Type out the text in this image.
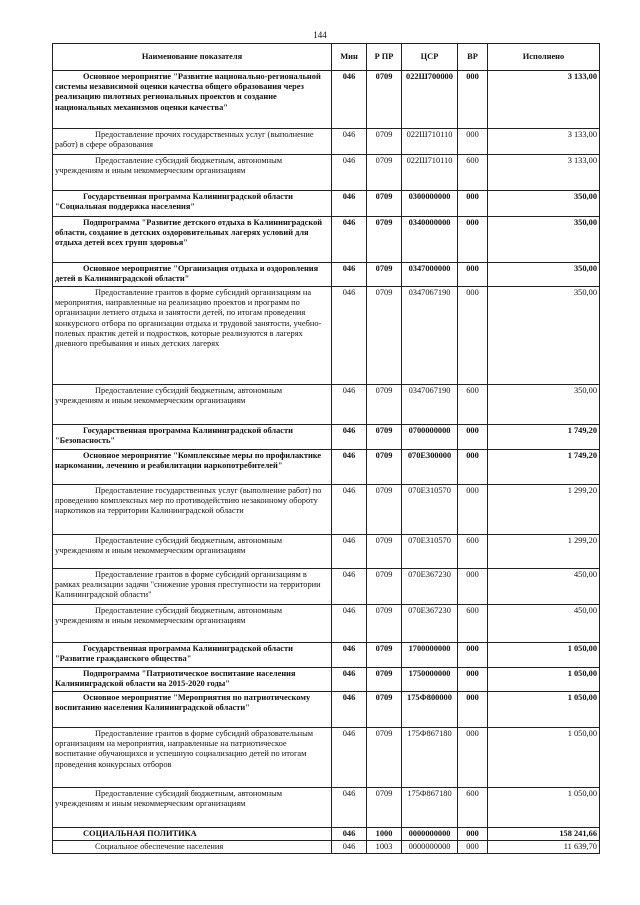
144
Наименование показателя	Мин	Р ПР	ЦСР	ВР	Исполнено
Основное мероприятие "Развитие национально-региональной системы независимой оценки качества общего образования через реализацию пилотных региональных проектов и создание национальных механизмов оценки качества"	046	0709	022Ш700000	000	3 133,00
Предоставление прочих государственных услуг (выполнение работ) в сфере образования	046	0709	022Ш710110	000	3 133,00
Предоставление субсидий бюджетным, автономным учреждениям и иным некоммерческим организациям	046	0709	022Ш710110	600	3 133,00
Государственная программа Калининградской области "Социальная поддержка населения"	046	0709	0300000000	000	350,00
Подпрограмма "Развитие детского отдыха в Калининградской области, создание в детских оздоровительных лагерях условий для отдыха детей всех групп здоровья"	046	0709	0340000000	000	350,00
Основное мероприятие "Организация отдыха и оздоровления детей в Калининградской области"	046	0709	0347000000	000	350,00
Предоставление грантов в форме субсидий организациям на мероприятия, направленные на реализацию проектов и программ по организации летнего отдыха и занятости детей, по итогам проведения конкурсного отбора по организации отдыха и трудовой занятости, учебно-полевых практик детей и подростков, которые реализуются в лагерях дневного пребывания и иных детских лагерях	046	0709	0347067190	000	350,00
Предоставление субсидий бюджетным, автономным учреждениям и иным некоммерческим организациям	046	0709	0347067190	600	350,00
Государственная программа Калининградской области "Безопасность"	046	0709	0700000000	000	1 749,20
Основное мероприятие "Комплексные меры по профилактике наркомании, лечению и реабилитации наркопотребителей"	046	0709	070Е300000	000	1 749,20
Предоставление государственных услуг (выполнение работ) по проведению комплексных мер по противодействию незаконному обороту наркотиков на территории Калининградской области	046	0709	070Е310570	000	1 299,20
Предоставление субсидий бюджетным, автономным учреждениям и иным некоммерческим организациям	046	0709	070Е310570	600	1 299,20
Предоставление грантов в форме субсидий организациям в рамках реализации задачи "снижение уровня преступности на территории Калининградской области"	046	0709	070Е367230	000	450,00
Предоставление субсидий бюджетным, автономным учреждениям и иным некоммерческим организациям	046	0709	070Е367230	600	450,00
Государственная программа Калининградской области "Развитие гражданского общества"	046	0709	1700000000	000	1 050,00
Подпрограмма "Патриотическое воспитание населения Калининградской области на 2015-2020 годы"	046	0709	1750000000	000	1 050,00
Основное мероприятие "Мероприятия по патриотическому воспитанию населения Калининградской области"	046	0709	175Ф800000	000	1 050,00
Предоставление грантов в форме субсидий образовательным организациям на мероприятия, направленные на патриотическое воспитание обучающихся и успешную социализацию детей по итогам проведения конкурсных отборов	046	0709	175Ф867180	000	1 050,00
Предоставление субсидий бюджетным, автономным учреждениям и иным некоммерческим организациям	046	0709	175Ф867180	600	1 050,00
СОЦИАЛЬНАЯ ПОЛИТИКА	046	1000	0000000000	000	158 241,66
Социальное обеспечение населения	046	1003	0000000000	000	11 639,70
